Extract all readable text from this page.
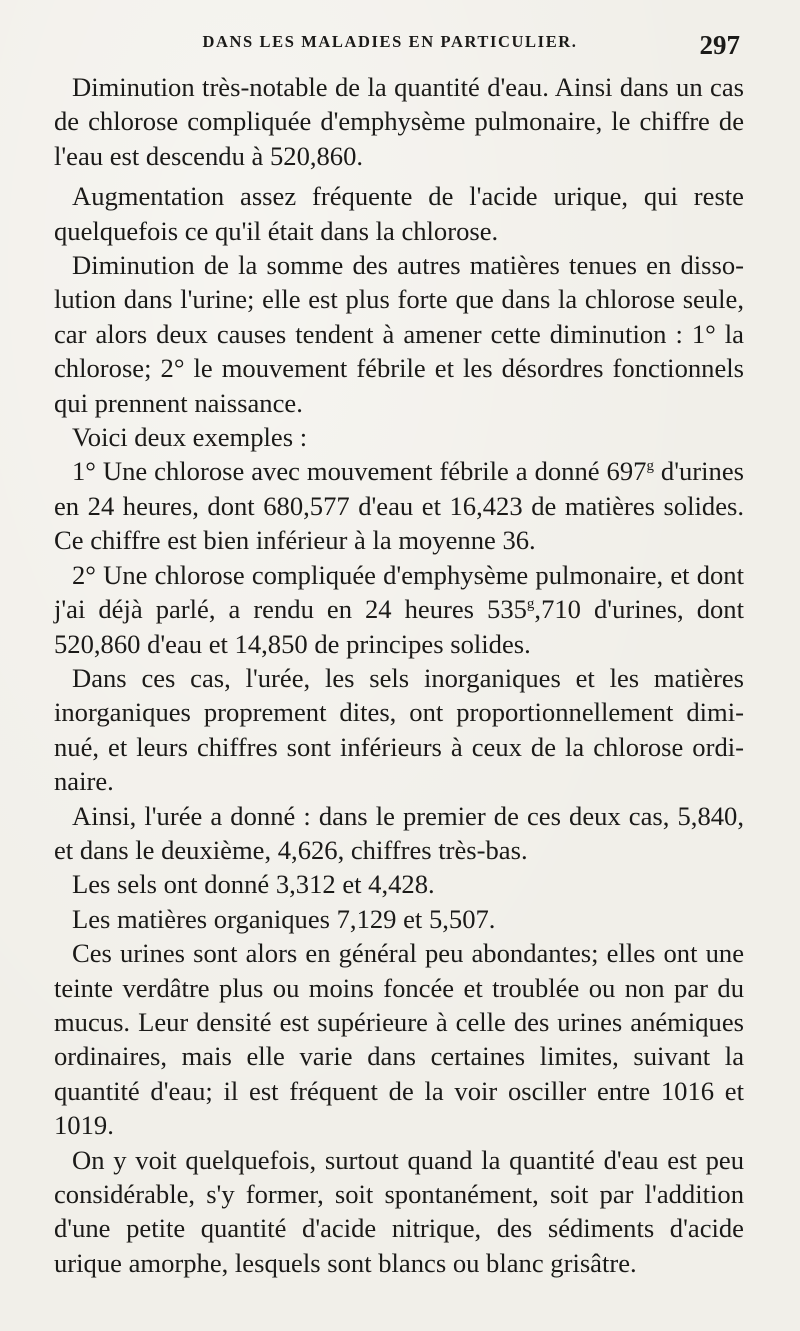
DANS LES MALADIES EN PARTICULIER.	297

Diminution très-notable de la quantité d'eau. Ainsi dans un cas de chlorose compliquée d'emphysème pulmonaire, le chiffre de l'eau est descendu à 520,860.

Augmentation assez fréquente de l'acide urique, qui reste quelquefois ce qu'il était dans la chlorose.

Diminution de la somme des autres matières tenues en dissolution dans l'urine; elle est plus forte que dans la chlorose seule, car alors deux causes tendent à amener cette diminution : 1° la chlorose; 2° le mouvement fébrile et les désordres fonctionnels qui prennent naissance.

Voici deux exemples :

1° Une chlorose avec mouvement fébrile a donné 697$^g$ d'urines en 24 heures, dont 680,577 d'eau et 16,423 de matières solides. Ce chiffre est bien inférieur à la moyenne 36.

2° Une chlorose compliquée d'emphysème pulmonaire, et dont j'ai déjà parlé, a rendu en 24 heures 535$^g$,710 d'urines, dont 520,860 d'eau et 14,850 de principes solides.

Dans ces cas, l'urée, les sels inorganiques et les matières inorganiques proprement dites, ont proportionnellement diminué, et leurs chiffres sont inférieurs à ceux de la chlorose ordinaire.

Ainsi, l'urée a donné : dans le premier de ces deux cas, 5,840, et dans le deuxième, 4,626, chiffres très-bas.

Les sels ont donné 3,312 et 4,428.

Les matières organiques 7,129 et 5,507.

Ces urines sont alors en général peu abondantes; elles ont une teinte verdâtre plus ou moins foncée et troublée ou non par du mucus. Leur densité est supérieure à celle des urines anémiques ordinaires, mais elle varie dans certaines limites, suivant la quantité d'eau; il est fréquent de la voir osciller entre 1016 et 1019.

On y voit quelquefois, surtout quand la quantité d'eau est peu considérable, s'y former, soit spontanément, soit par l'addition d'une petite quantité d'acide nitrique, des sédiments d'acide urique amorphe, lesquels sont blancs ou blanc grisâtre.
